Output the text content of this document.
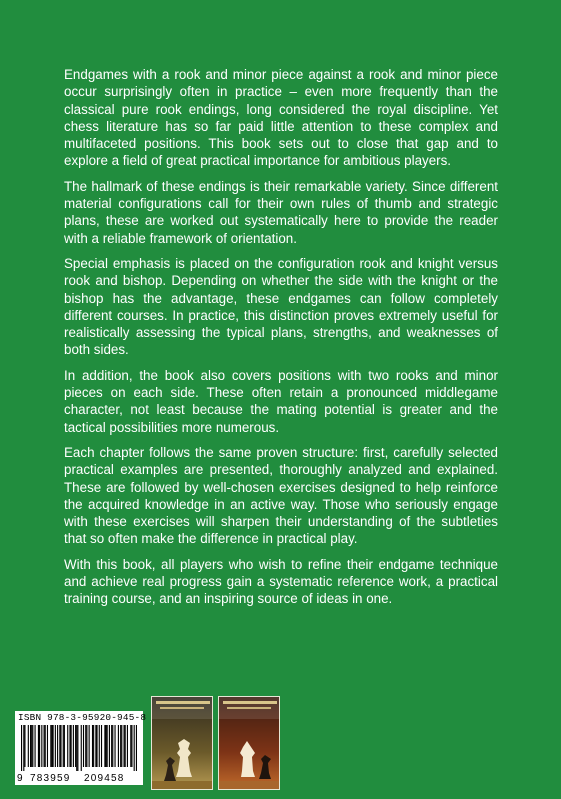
Endgames with a rook and minor piece against a rook and minor piece occur surprisingly often in practice – even more frequently than the classical pure rook endings, long considered the royal discipline. Yet chess literature has so far paid little attention to these complex and multifaceted positions. This book sets out to close that gap and to explore a field of great practical importance for ambitious players.

The hallmark of these endings is their remarkable variety. Since different material configurations call for their own rules of thumb and strategic plans, these are worked out systematically here to provide the reader with a reliable framework of orientation.

Special emphasis is placed on the configuration rook and knight versus rook and bishop. Depending on whether the side with the knight or the bishop has the advantage, these endgames can follow completely different courses. In practice, this distinction proves extremely useful for realistically assessing the typical plans, strengths, and weaknesses of both sides.

In addition, the book also covers positions with two rooks and minor pieces on each side. These often retain a pronounced middlegame character, not least because the mating potential is greater and the tactical possibilities more numerous.

Each chapter follows the same proven structure: first, carefully selected practical examples are presented, thoroughly analyzed and explained. These are followed by well-chosen exercises designed to help reinforce the acquired knowledge in an active way. Those who seriously engage with these exercises will sharpen their understanding of the subtleties that so often make the difference in practical play.

With this book, all players who wish to refine their endgame technique and achieve real progress gain a systematic reference work, a practical training course, and an inspiring source of ideas in one.

ISBN 978-3-95920-945-8
9 783959 209458
